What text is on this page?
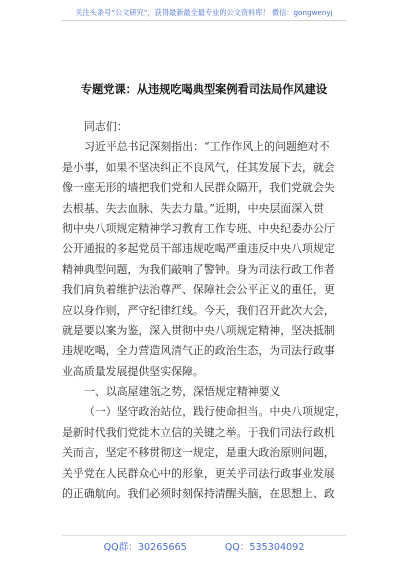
关注头条号“公文研究”，获得最新最全最专业的公文资料库！ 微信：gongwenyj
专题党课：从违规吃喝典型案例看司法局作风建设
同志们：
习近平总书记深刻指出：“工作作风上的问题绝对不
是小事，如果不坚决纠正不良风气，任其发展下去，就会
像一座无形的墙把我们党和人民群众隔开，我们党就会失
去根基、失去血脉、失去力量。”近期，中央层面深入贯
彻中央八项规定精神学习教育工作专班、中央纪委办公厅
公开通报的多起党员干部违规吃喝严重违反中央八项规定
精神典型问题，为我们敲响了警钟。身为司法行政工作者
我们肩负着维护法治尊严、保障社会公平正义的重任，更
应以身作则，严守纪律红线。今天，我们召开此次大会，
就是要以案为鉴，深入贯彻中央八项规定精神，坚决抵制
违规吃喝，全力营造风清气正的政治生态，为司法行政事
业高质量发展提供坚实保障。
一、以高屋建瓴之势，深悟规定精神要义
（一）坚守政治站位，践行使命担当。中央八项规定，
是新时代我们党徙木立信的关键之举。于我们司法行政机
关而言，坚定不移贯彻这一规定，是重大政治原则问题，
关乎党在人民群众心中的形象，更关乎司法行政事业发展
的正确航向。我们必须时刻保持清醒头脑，在思想上、政
QQ群：30265665	QQ：535304092
